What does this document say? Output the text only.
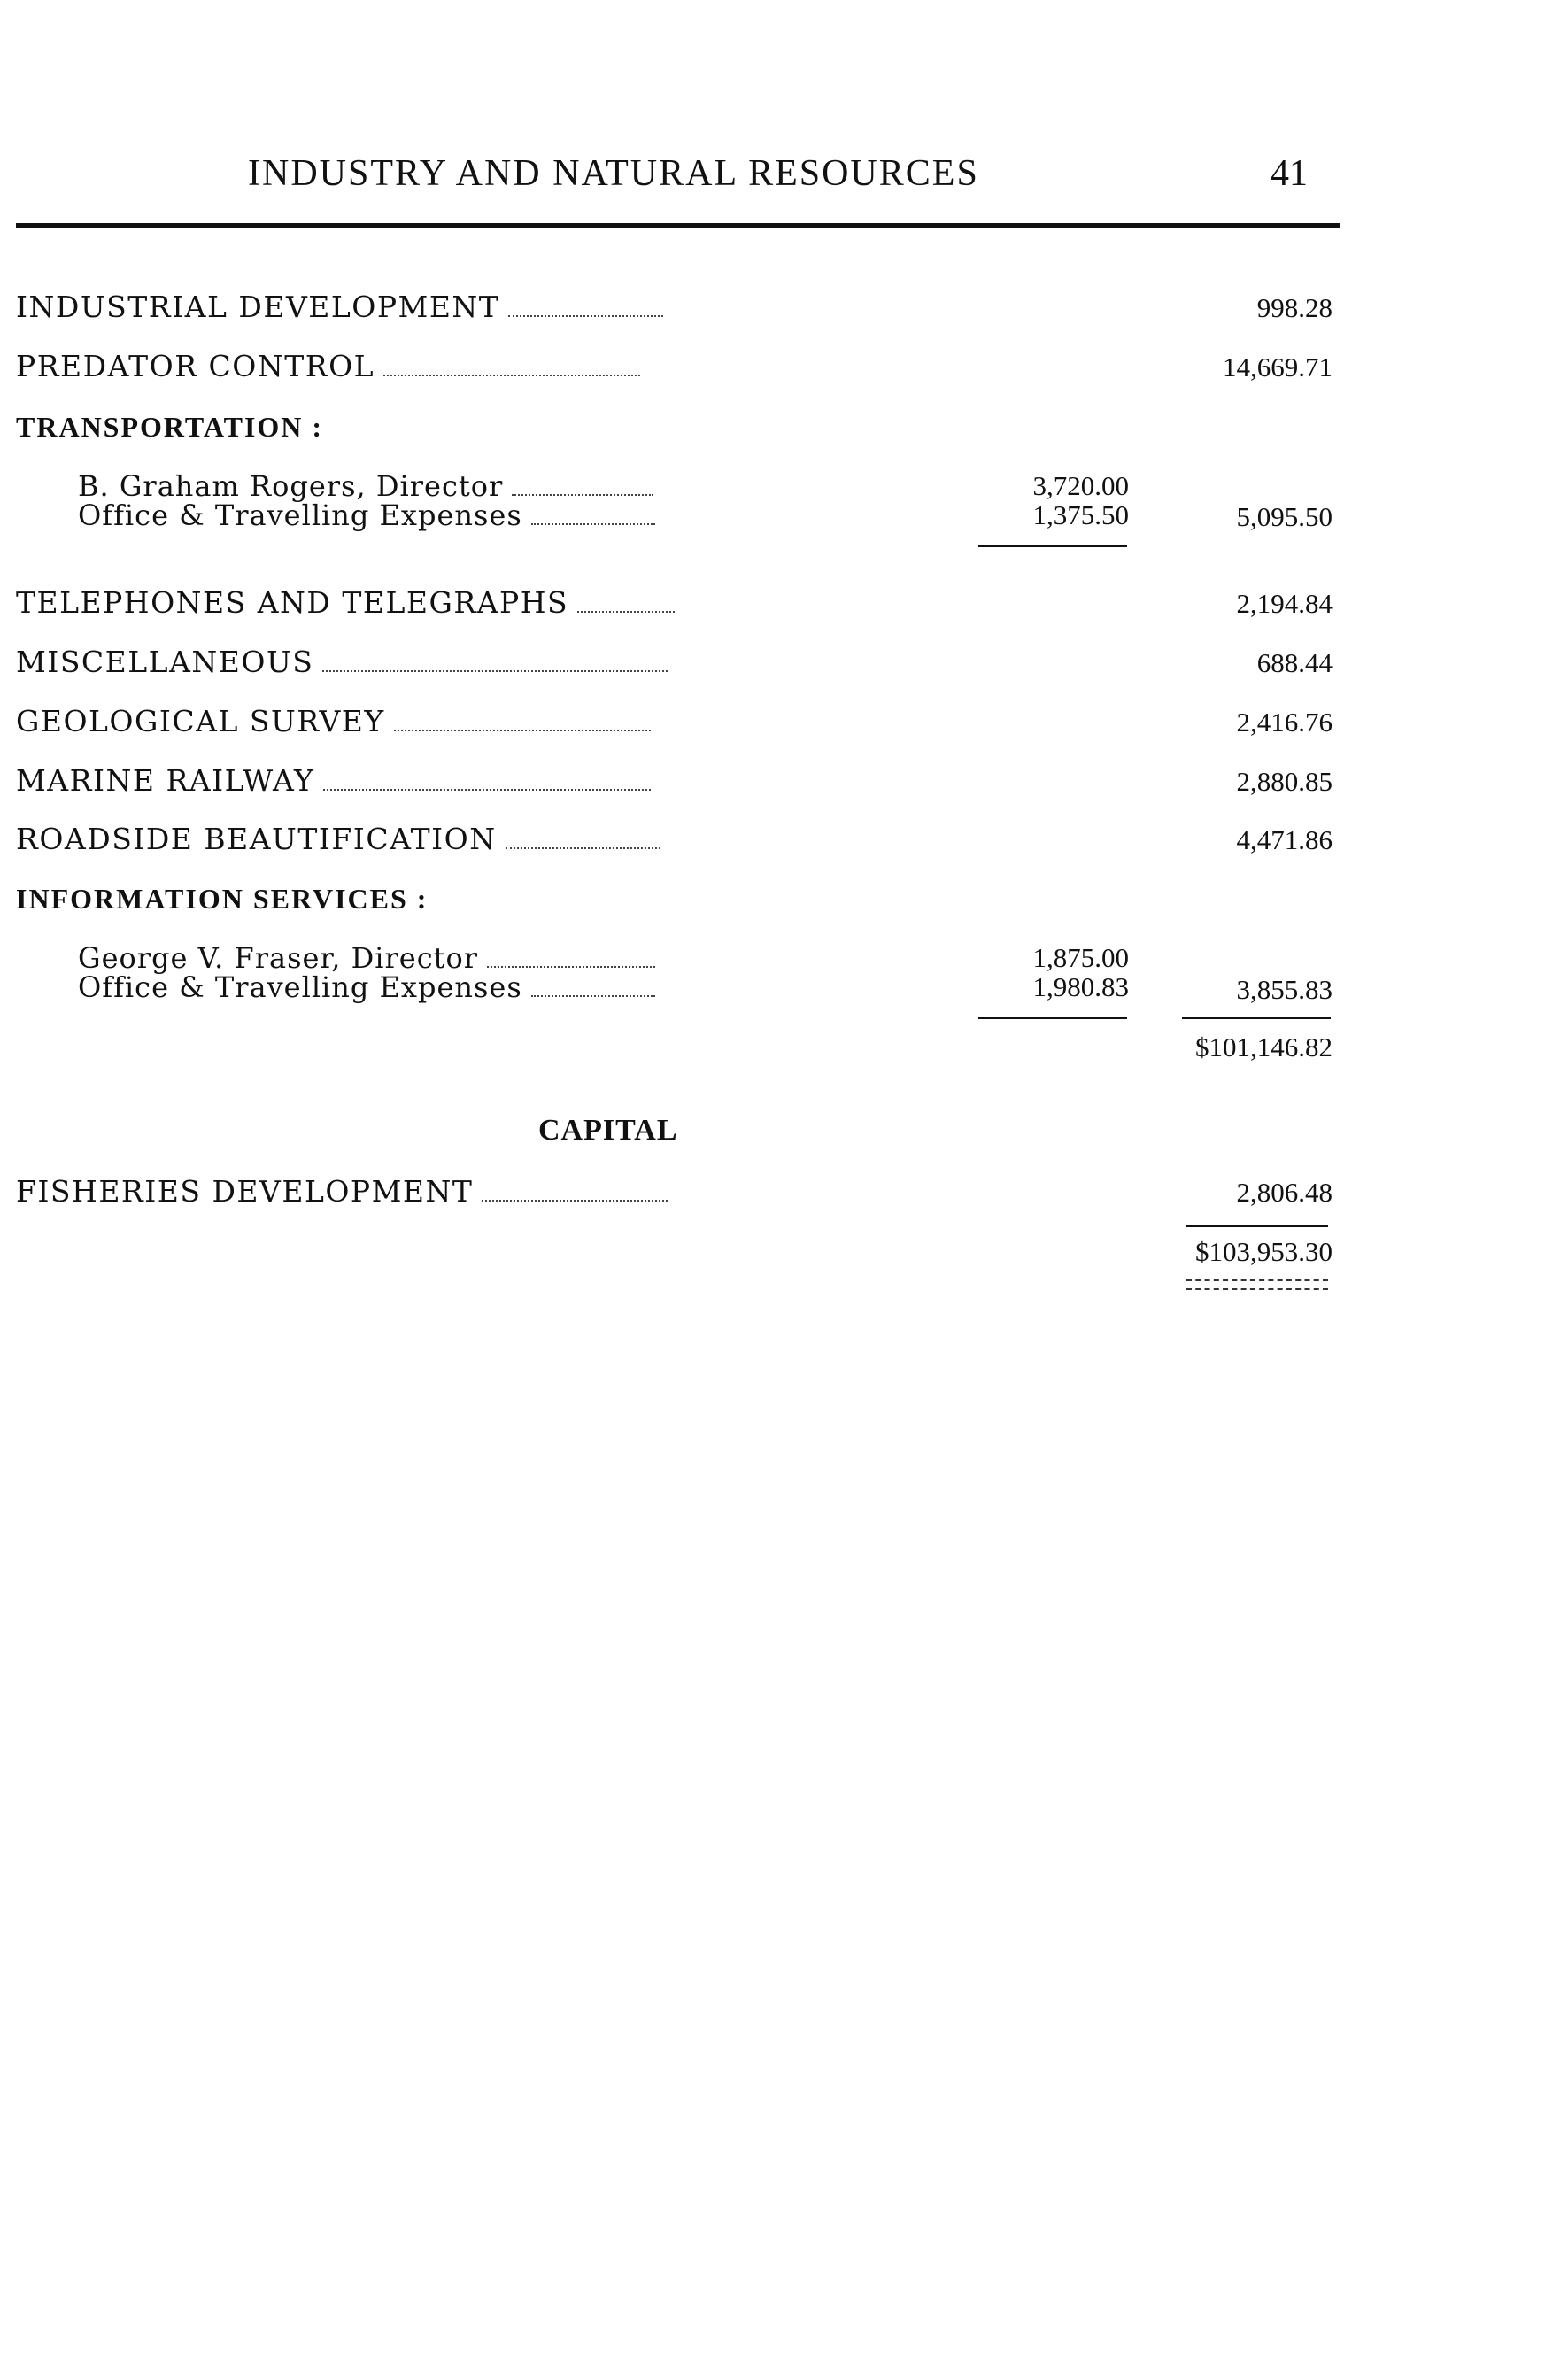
INDUSTRY AND NATURAL RESOURCES	41
INDUSTRIAL DEVELOPMENT	998.28
PREDATOR CONTROL	14,669.71
TRANSPORTATION :
B. Graham Rogers, Director	3,720.00
Office & Travelling Expenses	1,375.50	5,095.50
TELEPHONES AND TELEGRAPHS	2,194.84
MISCELLANEOUS	688.44
GEOLOGICAL SURVEY	2,416.76
MARINE RAILWAY	2,880.85
ROADSIDE BEAUTIFICATION	4,471.86
INFORMATION SERVICES :
George V. Fraser, Director	1,875.00
Office & Travelling Expenses	1,980.83	3,855.83
$101,146.82
CAPITAL
FISHERIES DEVELOPMENT	2,806.48
$103,953.30
